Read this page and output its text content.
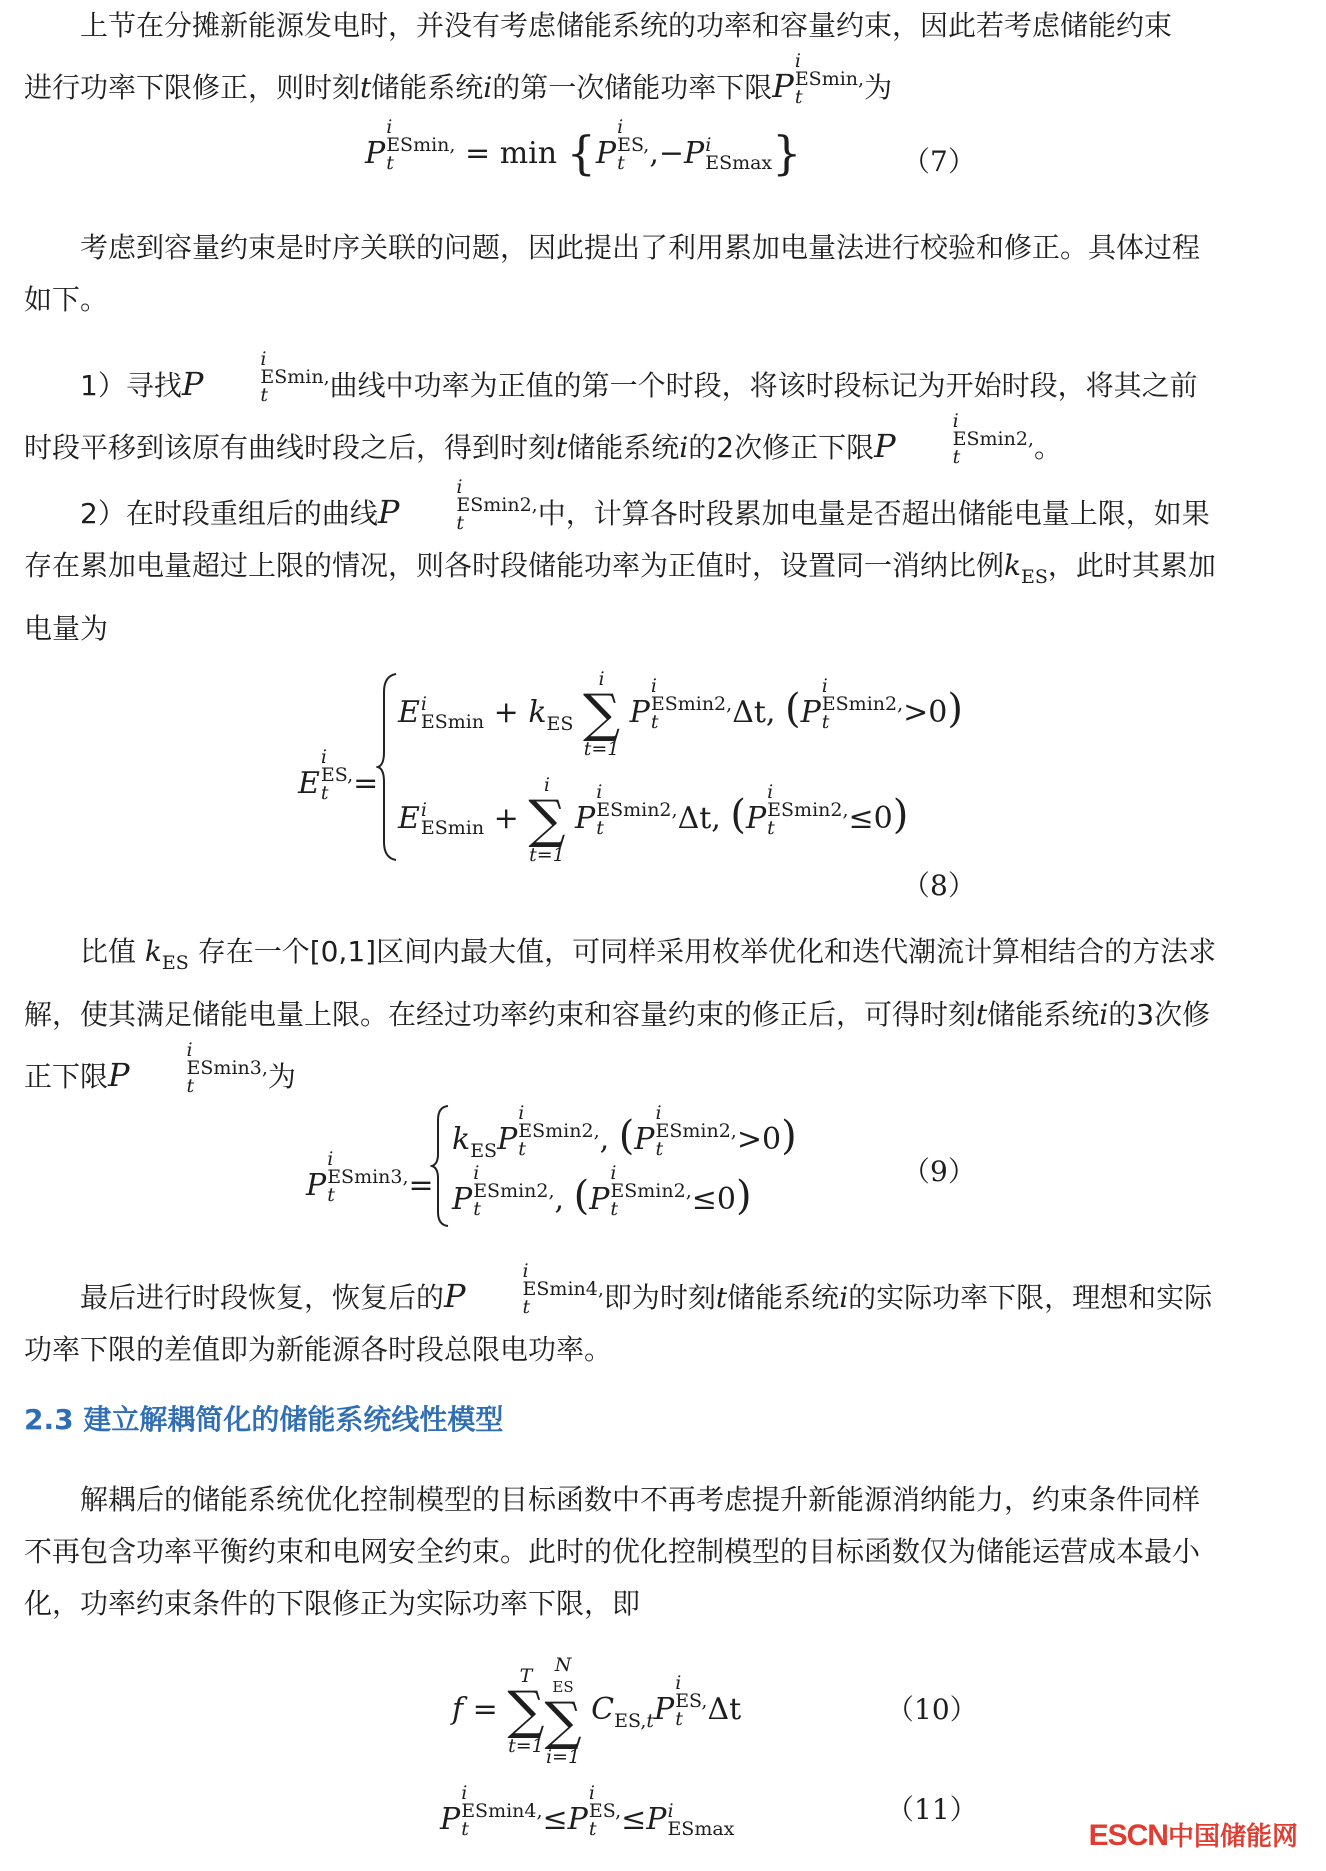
上节在分摊新能源发电时，并没有考虑储能系统的功率和容量约束，因此若考虑储能约束

进行功率下限修正，则时刻t储能系统i的第一次储能功率下限P
i
ESmin,
t	为

P
i
ESmin,
t	= min {P
i
ES,
t ,−P i
ESmax }	（7）

考虑到容量约束是时序关联的问题，因此提出了利用累加电量法进行校验和修正。具体过程如下。

1）寻找P
i
ESmin,
t	曲线中功率为正值的第一个时段，将该时段标记为开始时段，将其之前时段平移到该原有曲线时段之后，得到时刻t储能系统i的2次修正下限P
i
ESmin2,
t	。

2）在时段重组后的曲线P
i
ESmin2,
t	中，计算各时段累加电量是否超出储能电量上限，如果存在累加电量超过上限的情况，则各时段储能功率为正值时，设置同一消纳比例$k_{ES}$，此时其累加电量为

E
i
ES,
t =
E i
$ESmin + k_{ES}$
i
∑
t=1
P
i
ESmin2,
t	Δt, (P
i
ESmin2,
t	>0)
E i
ESmin +
i
∑
t=1
P
i
ESmin2,
t	Δt, (P
i
ESmin2,
t	≤0)
（8）

比值 $k_{ES}$ 存在一个[0,1]区间内最大值，可同样采用枚举优化和迭代潮流计算相结合的方法求解，使其满足储能电量上限。在经过功率约束和容量约束的修正后，可得时刻t储能系统i的3次修正下限P
i
ESmin3,
t	为

P
i
ESmin3,
t	=
$k_{ES}P$
i
ESmin2,
t	, (P
i
ESmin2,
t	>0)
P
i
ESmin2,
t	, (P
i
ESmin2,
t	≤0)
（9）

最后进行时段恢复，恢复后的P
i
ESmin4,
t	即为时刻t储能系统i的实际功率下限，理想和实际功率下限的差值即为新能源各时段总限电功率。

2.3 建立解耦简化的储能系统线性模型

解耦后的储能系统优化控制模型的目标函数中不再考虑提升新能源消纳能力，约束条件同样不再包含功率平衡约束和电网安全约束。此时的优化控制模型的目标函数仅为储能运营成本最小化，功率约束条件的下限修正为实际功率下限，即

f =
T
∑
t=1
N
ES
∑
i=1
$C_{ES,t}P$
i
ES,
t Δt	（10）
P
i
ESmin4,
t	≤P
i
ES,
t ≤P i
ESmax
（11）
ESCN中国储能网
